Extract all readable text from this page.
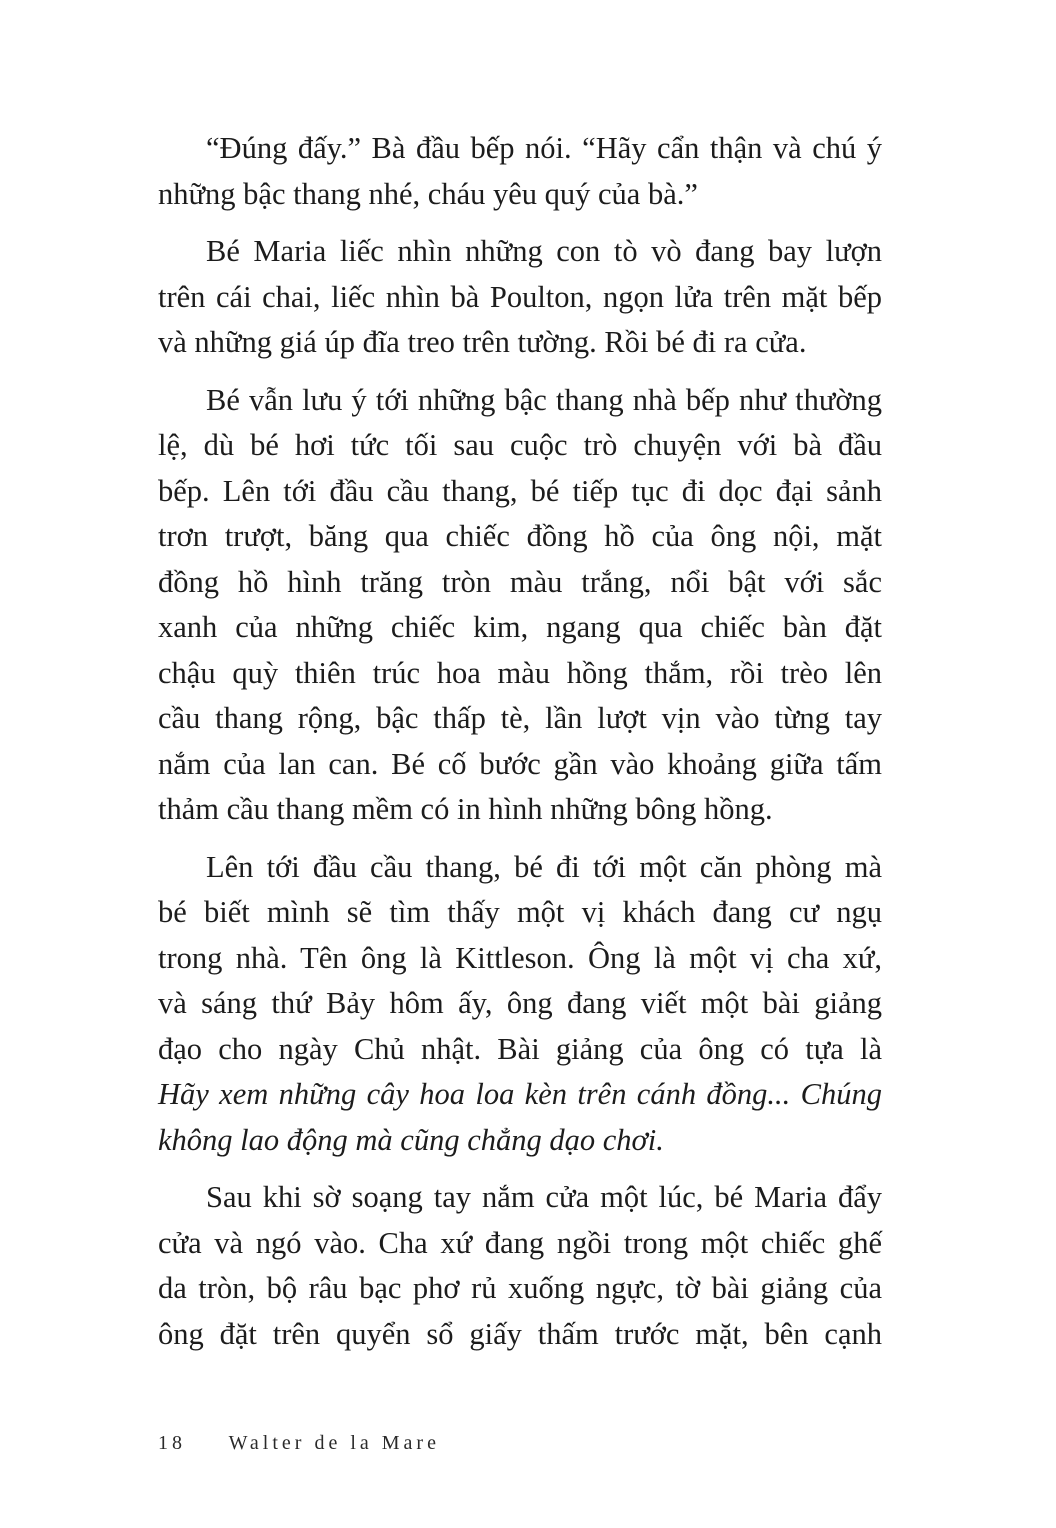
“Đúng đấy.” Bà đầu bếp nói. “Hãy cẩn thận và chú ý
những bậc thang nhé, cháu yêu quý của bà.”

Bé Maria liếc nhìn những con tò vò đang bay lượn
trên cái chai, liếc nhìn bà Poulton, ngọn lửa trên mặt bếp
và những giá úp đĩa treo trên tường. Rồi bé đi ra cửa.

Bé vẫn lưu ý tới những bậc thang nhà bếp như thường
lệ, dù bé hơi tức tối sau cuộc trò chuyện với bà đầu
bếp. Lên tới đầu cầu thang, bé tiếp tục đi dọc đại sảnh
trơn trượt, băng qua chiếc đồng hồ của ông nội, mặt
đồng hồ hình trăng tròn màu trắng, nổi bật với sắc
xanh của những chiếc kim, ngang qua chiếc bàn đặt
chậu quỳ thiên trúc hoa màu hồng thắm, rồi trèo lên
cầu thang rộng, bậc thấp tè, lần lượt vịn vào từng tay
nắm của lan can. Bé cố bước gần vào khoảng giữa tấm
thảm cầu thang mềm có in hình những bông hồng.

Lên tới đầu cầu thang, bé đi tới một căn phòng mà
bé biết mình sẽ tìm thấy một vị khách đang cư ngụ
trong nhà. Tên ông là Kittleson. Ông là một vị cha xứ,
và sáng thứ Bảy hôm ấy, ông đang viết một bài giảng
đạo cho ngày Chủ nhật. Bài giảng của ông có tựa là
Hãy xem những cây hoa loa kèn trên cánh đồng... Chúng
không lao động mà cũng chẳng dạo chơi.

Sau khi sờ soạng tay nắm cửa một lúc, bé Maria đẩy
cửa và ngó vào. Cha xứ đang ngồi trong một chiếc ghế
da tròn, bộ râu bạc phơ rủ xuống ngực, tờ bài giảng của
ông đặt trên quyển sổ giấy thấm trước mặt, bên cạnh

18 Walter de la Mare
